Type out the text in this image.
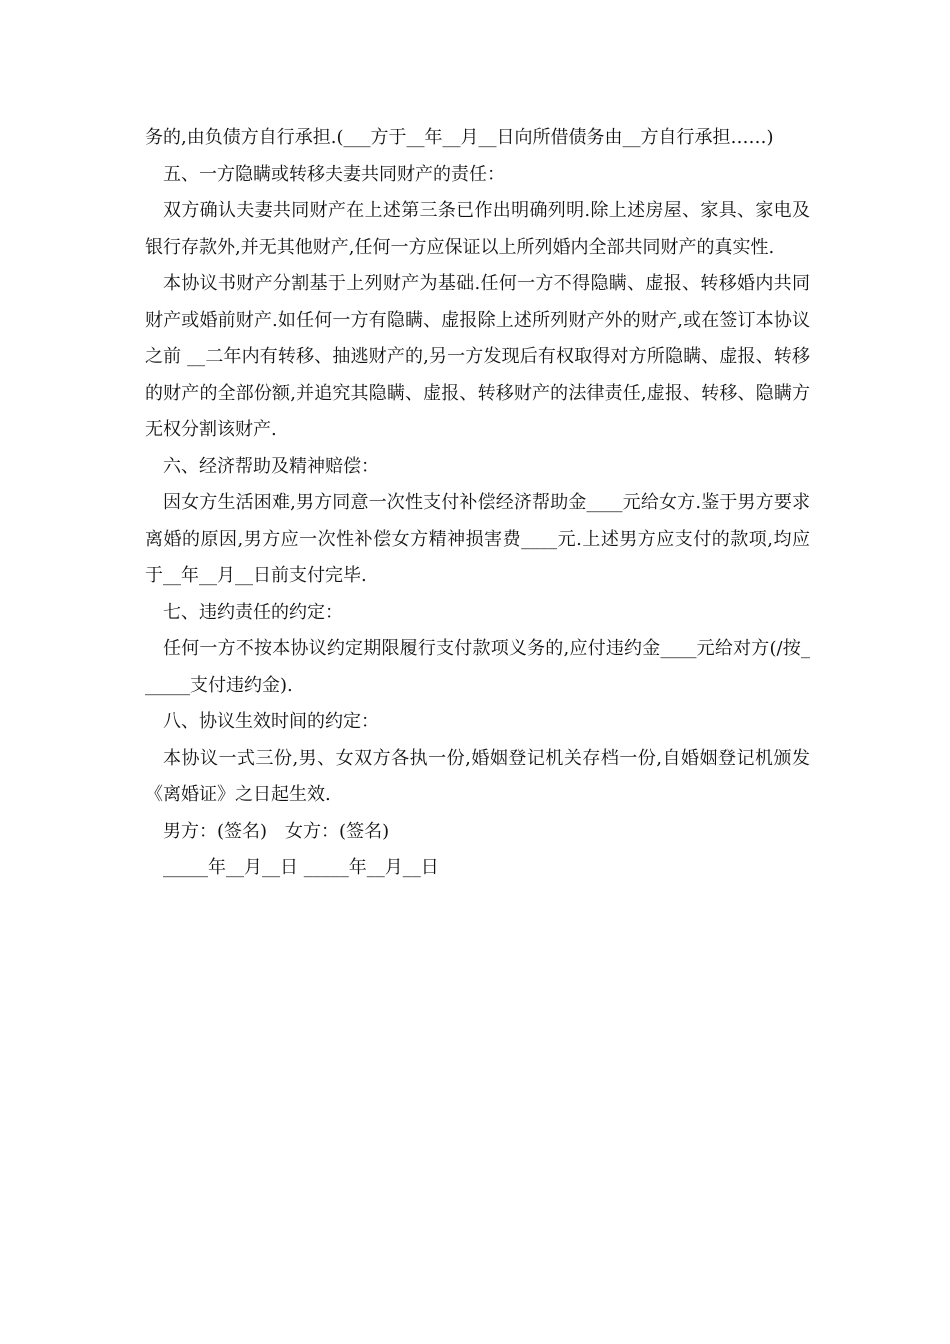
务的,由负债方自行承担.(___方于__年__月__日向所借债务由__方自行承担……)

五、一方隐瞒或转移夫妻共同财产的责任：

双方确认夫妻共同财产在上述第三条已作出明确列明.除上述房屋、家具、家电及银行存款外,并无其他财产,任何一方应保证以上所列婚内全部共同财产的真实性.

本协议书财产分割基于上列财产为基础.任何一方不得隐瞒、虚报、转移婚内共同财产或婚前财产.如任何一方有隐瞒、虚报除上述所列财产外的财产,或在签订本协议之前 __二年内有转移、抽逃财产的,另一方发现后有权取得对方所隐瞒、虚报、转移的财产的全部份额,并追究其隐瞒、虚报、转移财产的法律责任,虚报、转移、隐瞒方无权分割该财产.

六、经济帮助及精神赔偿：

因女方生活困难,男方同意一次性支付补偿经济帮助金____元给女方.鉴于男方要求离婚的原因,男方应一次性补偿女方精神损害费____元.上述男方应支付的款项,均应于__年__月__日前支付完毕.

七、违约责任的约定：

任何一方不按本协议约定期限履行支付款项义务的,应付违约金____元给对方(/按______支付违约金).

八、协议生效时间的约定：

本协议一式三份,男、女双方各执一份,婚姻登记机关存档一份,自婚姻登记机颁发《离婚证》之日起生效.

男方：(签名)　女方：(签名)

_____年__月__日 _____年__月__日
